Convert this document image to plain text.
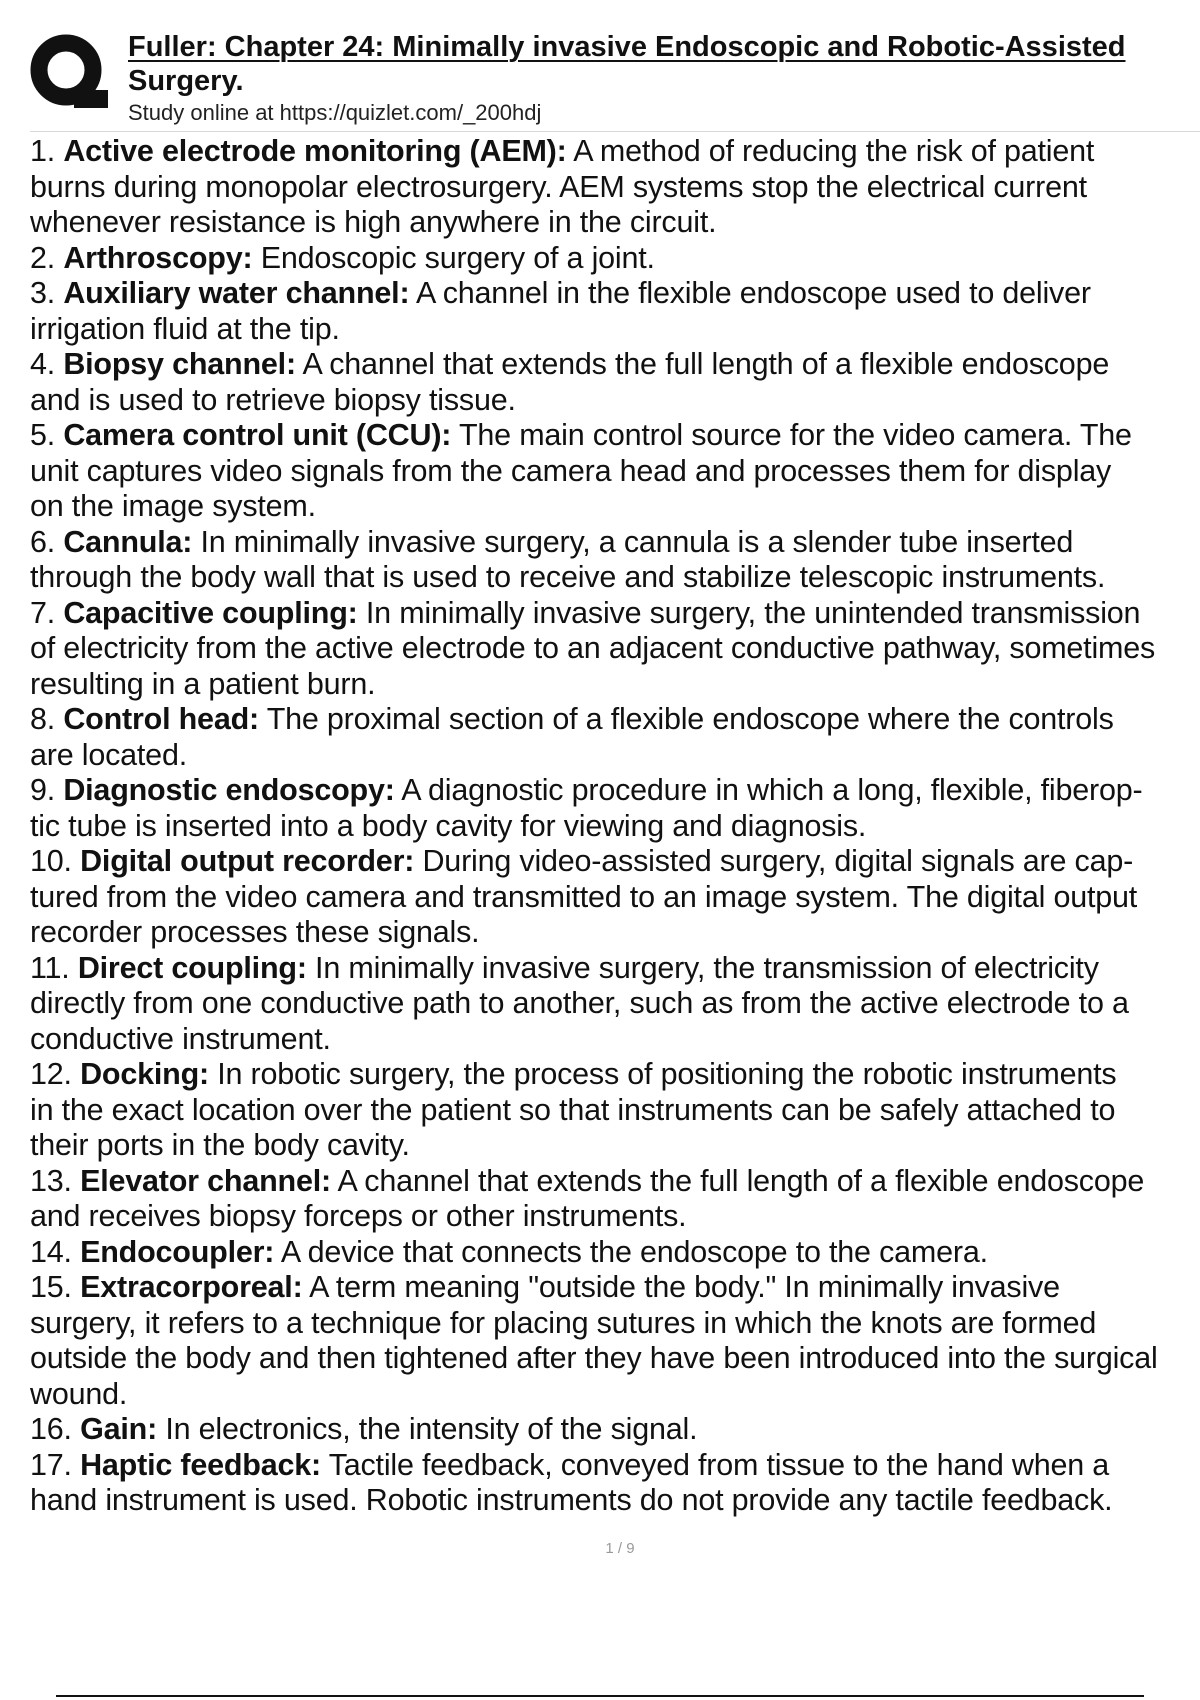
Fuller: Chapter 24: Minimally invasive Endoscopic and Robotic-Assisted
Surgery.
Study online at https://quizlet.com/_200hdj
1. Active electrode monitoring (AEM): A method of reducing the risk of patient
burns during monopolar electrosurgery. AEM systems stop the electrical current
whenever resistance is high anywhere in the circuit.
2. Arthroscopy: Endoscopic surgery of a joint.
3. Auxiliary water channel: A channel in the flexible endoscope used to deliver
irrigation fluid at the tip.
4. Biopsy channel: A channel that extends the full length of a flexible endoscope
and is used to retrieve biopsy tissue.
5. Camera control unit (CCU): The main control source for the video camera. The
unit captures video signals from the camera head and processes them for display
on the image system.
6. Cannula: In minimally invasive surgery, a cannula is a slender tube inserted
through the body wall that is used to receive and stabilize telescopic instruments.
7. Capacitive coupling: In minimally invasive surgery, the unintended transmission
of electricity from the active electrode to an adjacent conductive pathway, sometimes
resulting in a patient burn.
8. Control head: The proximal section of a flexible endoscope where the controls
are located.
9. Diagnostic endoscopy: A diagnostic procedure in which a long, flexible, fiberop-
tic tube is inserted into a body cavity for viewing and diagnosis.
10. Digital output recorder: During video-assisted surgery, digital signals are cap-
tured from the video camera and transmitted to an image system. The digital output
recorder processes these signals.
11. Direct coupling: In minimally invasive surgery, the transmission of electricity
directly from one conductive path to another, such as from the active electrode to a
conductive instrument.
12. Docking: In robotic surgery, the process of positioning the robotic instruments
in the exact location over the patient so that instruments can be safely attached to
their ports in the body cavity.
13. Elevator channel: A channel that extends the full length of a flexible endoscope
and receives biopsy forceps or other instruments.
14. Endocoupler: A device that connects the endoscope to the camera.
15. Extracorporeal: A term meaning "outside the body." In minimally invasive
surgery, it refers to a technique for placing sutures in which the knots are formed
outside the body and then tightened after they have been introduced into the surgical
wound.
16. Gain: In electronics, the intensity of the signal.
17. Haptic feedback: Tactile feedback, conveyed from tissue to the hand when a
hand instrument is used. Robotic instruments do not provide any tactile feedback.
1 / 9
